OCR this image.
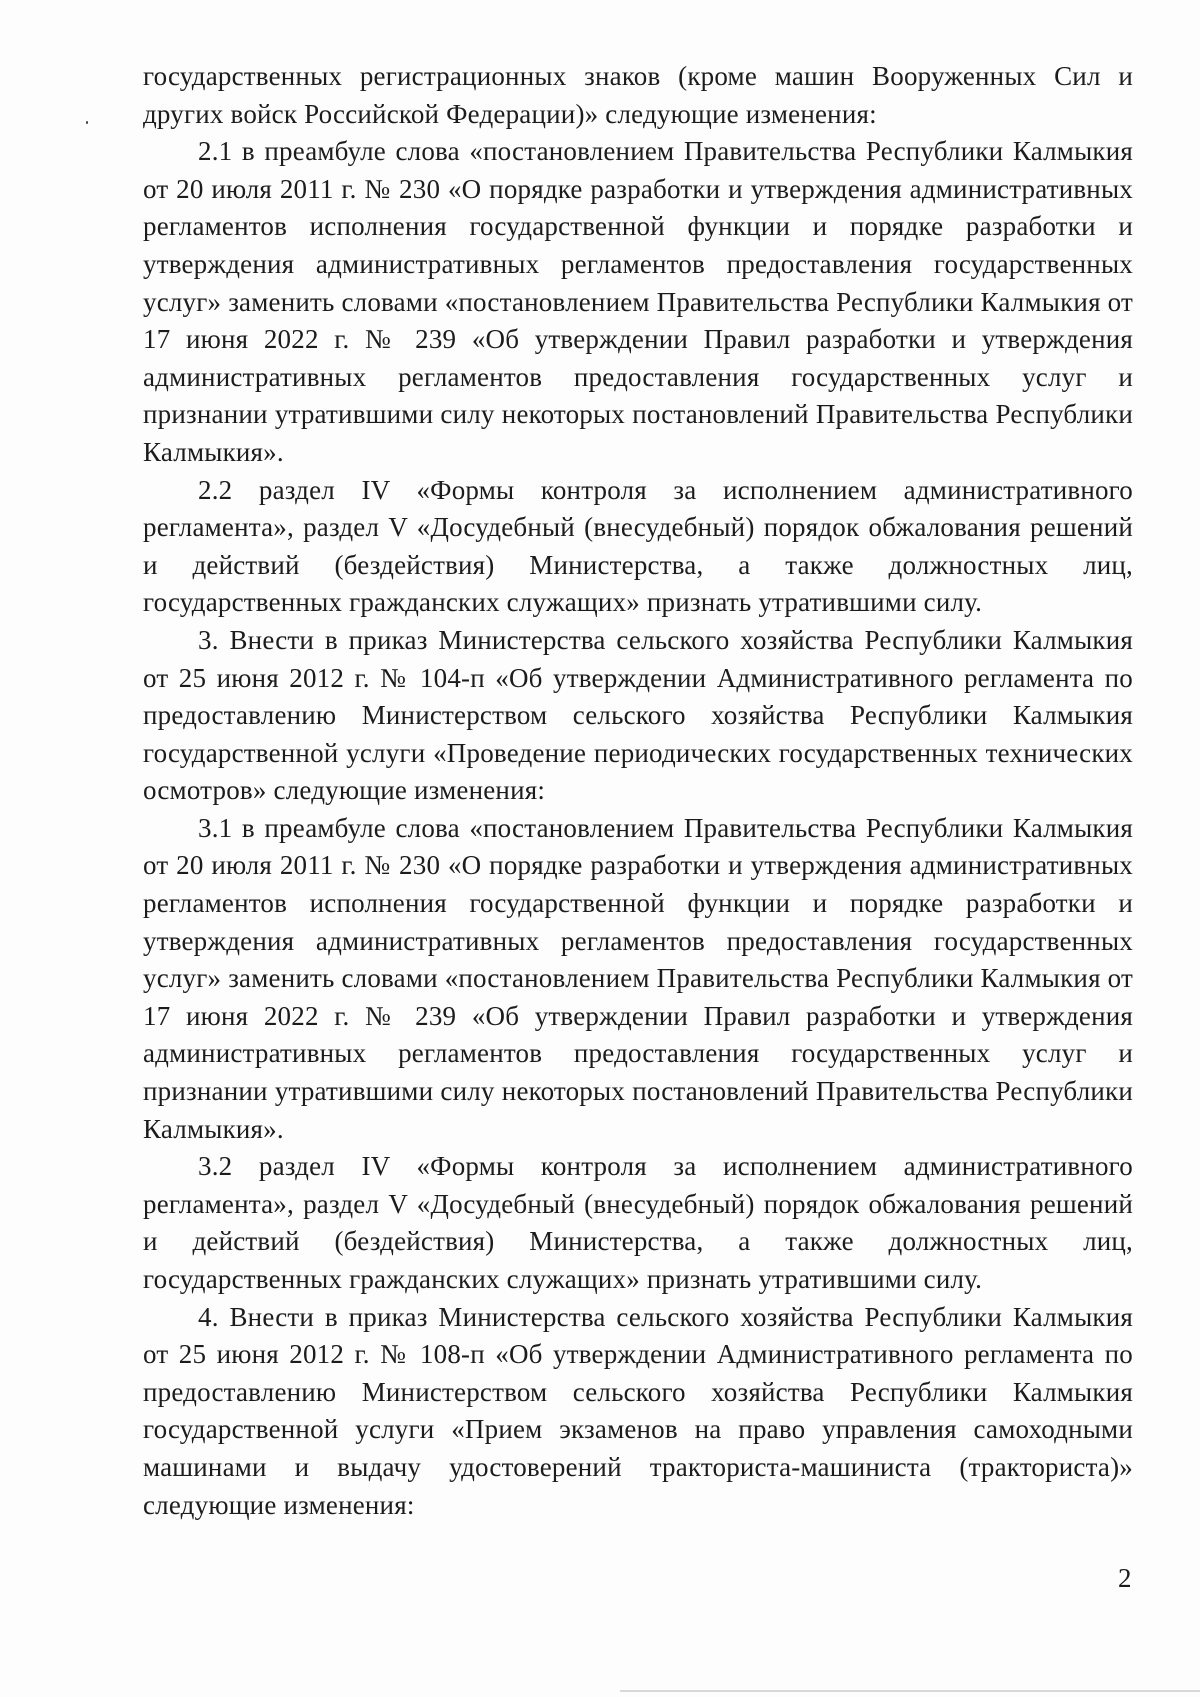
государственных регистрационных знаков (кроме машин Вооруженных Сил и других войск Российской Федерации)» следующие изменения:

2.1 в преамбуле слова «постановлением Правительства Республики Калмыкия от 20 июля 2011 г. № 230 «О порядке разработки и утверждения административных регламентов исполнения государственной функции и порядке разработки и утверждения административных регламентов предоставления государственных услуг» заменить словами «постановлением Правительства Республики Калмыкия от 17 июня 2022 г. № 239 «Об утверждении Правил разработки и утверждения административных регламентов предоставления государственных услуг и признании утратившими силу некоторых постановлений Правительства Республики Калмыкия».

2.2 раздел IV «Формы контроля за исполнением административного регламента», раздел V «Досудебный (внесудебный) порядок обжалования решений и действий (бездействия) Министерства, а также должностных лиц, государственных гражданских служащих» признать утратившими силу.

3. Внести в приказ Министерства сельского хозяйства Республики Калмыкия от 25 июня 2012 г. № 104-п «Об утверждении Административного регламента по предоставлению Министерством сельского хозяйства Республики Калмыкия государственной услуги «Проведение периодических государственных технических осмотров» следующие изменения:

3.1 в преамбуле слова «постановлением Правительства Республики Калмыкия от 20 июля 2011 г. № 230 «О порядке разработки и утверждения административных регламентов исполнения государственной функции и порядке разработки и утверждения административных регламентов предоставления государственных услуг» заменить словами «постановлением Правительства Республики Калмыкия от 17 июня 2022 г. № 239 «Об утверждении Правил разработки и утверждения административных регламентов предоставления государственных услуг и признании утратившими силу некоторых постановлений Правительства Республики Калмыкия».

3.2 раздел IV «Формы контроля за исполнением административного регламента», раздел V «Досудебный (внесудебный) порядок обжалования решений и действий (бездействия) Министерства, а также должностных лиц, государственных гражданских служащих» признать утратившими силу.

4. Внести в приказ Министерства сельского хозяйства Республики Калмыкия от 25 июня 2012 г. № 108-п «Об утверждении Административного регламента по предоставлению Министерством сельского хозяйства Республики Калмыкия государственной услуги «Прием экзаменов на право управления самоходными машинами и выдачу удостоверений тракториста-машиниста (тракториста)» следующие изменения:

2
